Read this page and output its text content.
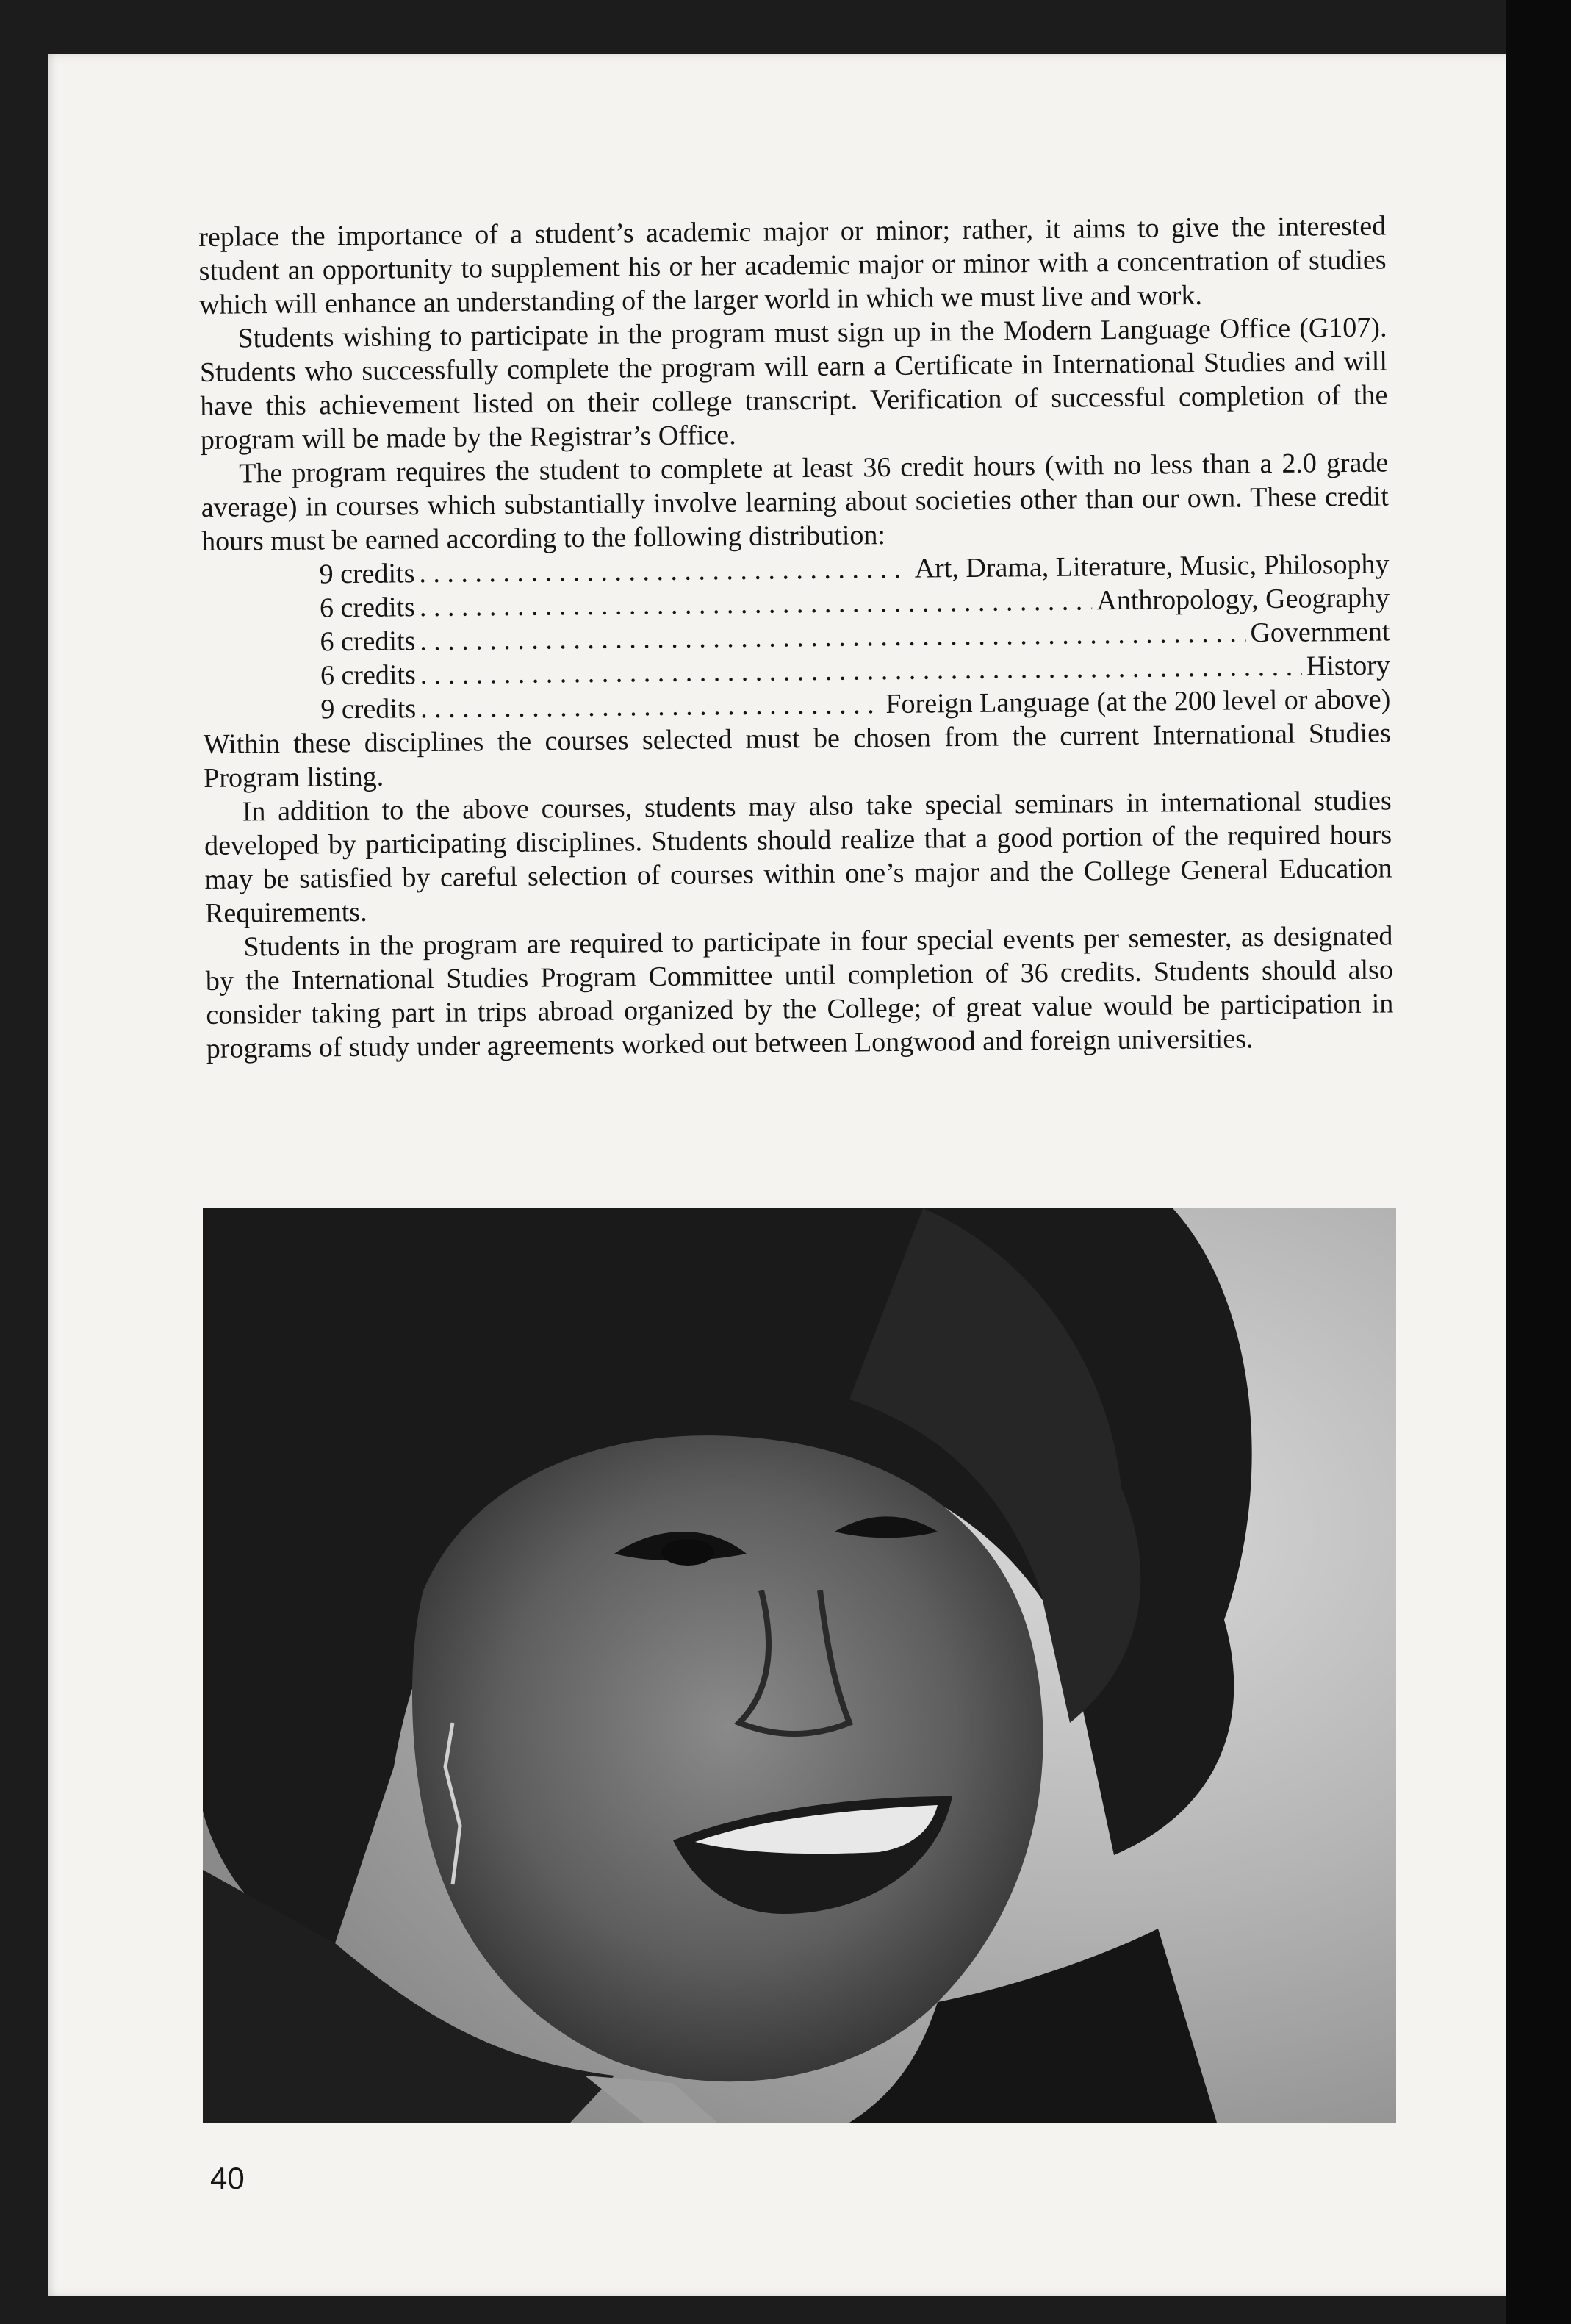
replace the importance of a student’s academic major or minor; rather, it aims to give the interested student an opportunity to supplement his or her academic major or minor with a concentration of studies which will enhance an understanding of the larger world in which we must live and work.

Students wishing to participate in the program must sign up in the Modern Language Office (G107). Students who successfully complete the program will earn a Certificate in International Studies and will have this achievement listed on their college transcript. Verification of successful completion of the program will be made by the Registrar’s Office.

The program requires the student to complete at least 36 credit hours (with no less than a 2.0 grade average) in courses which substantially involve learning about societies other than our own. These credit hours must be earned according to the following distribution:

9 credits . . .	Art, Drama, Literature, Music, Philosophy
6 credits . . .	Anthropology, Geography
6 credits . . .	Government
6 credits . . .	History
9 credits . . .	Foreign Language (at the 200 level or above)

Within these disciplines the courses selected must be chosen from the current International Studies Program listing.

In addition to the above courses, students may also take special seminars in international studies developed by participating disciplines. Students should realize that a good portion of the required hours may be satisfied by careful selection of courses within one’s major and the College General Education Requirements.

Students in the program are required to participate in four special events per semester, as designated by the International Studies Program Committee until completion of 36 credits. Students should also consider taking part in trips abroad organized by the College; of great value would be participation in programs of study under agreements worked out between Longwood and foreign universities.

40
